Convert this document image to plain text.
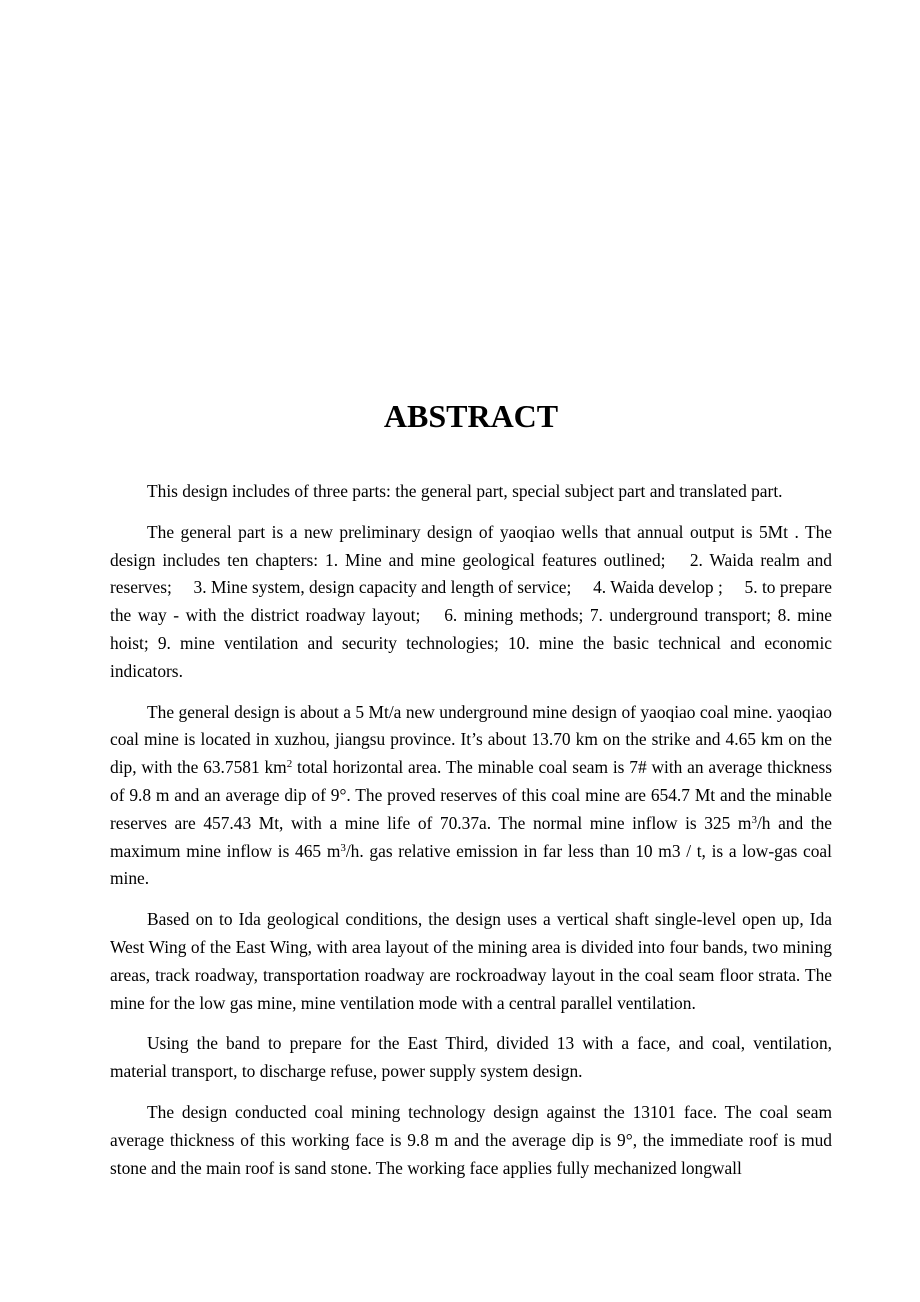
ABSTRACT

This design includes of three parts: the general part, special subject part and translated part.

The general part is a new preliminary design of yaoqiao wells that annual output is 5Mt . The design includes ten chapters: 1. Mine and mine geological features outlined;  2. Waida realm and reserves;  3. Mine system, design capacity and length of service;  4. Waida develop ;  5. to prepare the way - with the district roadway layout;  6. mining methods; 7. underground transport; 8. mine hoist; 9. mine ventilation and security technologies; 10. mine the basic technical and economic indicators.

The general design is about a 5 Mt/a new underground mine design of yaoqiao coal mine. yaoqiao coal mine is located in xuzhou, jiangsu province. It’s about 13.70 km on the strike and 4.65 km on the dip, with the 63.7581 $km^2$ total horizontal area. The minable coal seam is 7# with an average thickness of 9.8 m and an average dip of 9°. The proved reserves of this coal mine are 654.7 Mt and the minable reserves are 457.43 Mt, with a mine life of 70.37a. The normal mine inflow is 325 $m^3/h$ and the maximum mine inflow is 465 $m^3/h$. gas relative emission in far less than 10 m3 / t, is a low-gas coal mine.

Based on to Ida geological conditions, the design uses a vertical shaft single-level open up, Ida West Wing of the East Wing, with area layout of the mining area is divided into four bands, two mining areas, track roadway, transportation roadway are rockroadway layout in the coal seam floor strata. The mine for the low gas mine, mine ventilation mode with a central parallel ventilation.

Using the band to prepare for the East Third, divided 13 with a face, and coal, ventilation, material transport, to discharge refuse, power supply system design.

The design conducted coal mining technology design against the 13101 face. The coal seam average thickness of this working face is 9.8 m and the average dip is 9°, the immediate roof is mud stone and the main roof is sand stone. The working face applies fully mechanized longwall
